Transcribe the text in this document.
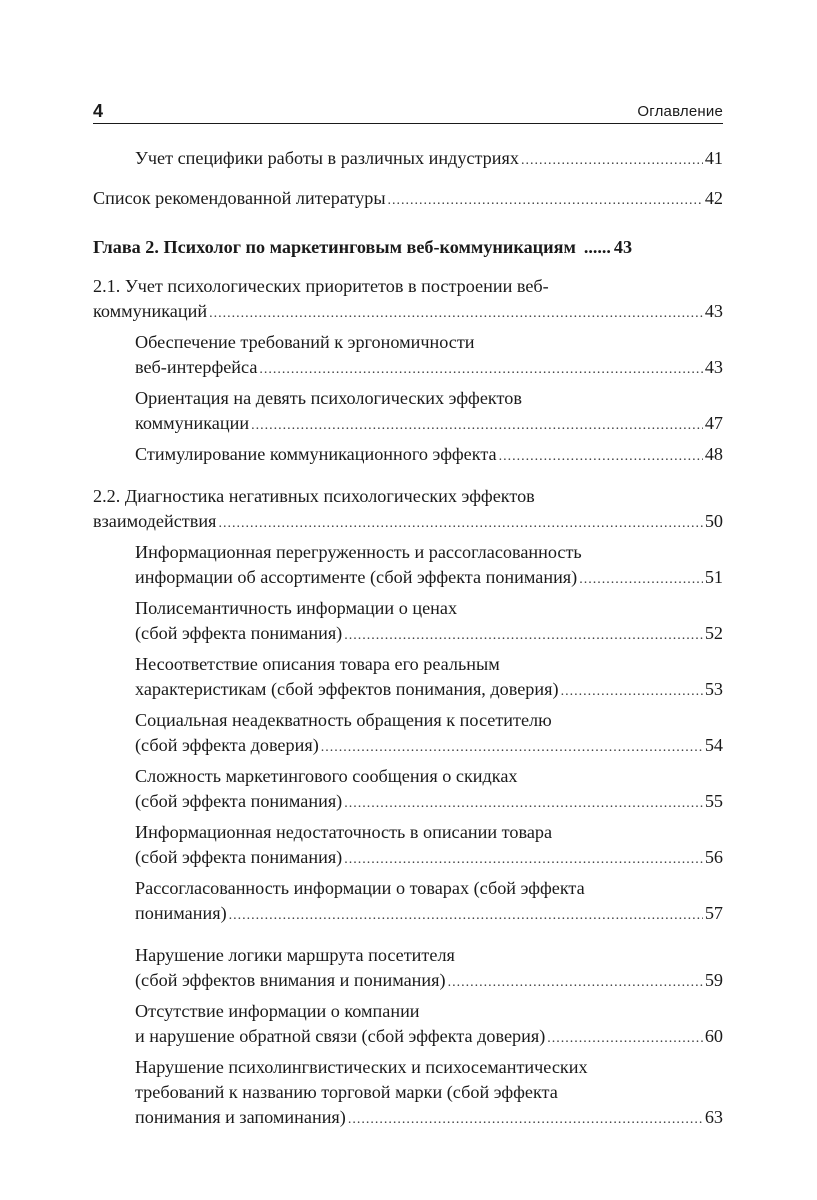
4	Оглавление
Учет специфики работы в различных индустриях .....	41
Список рекомендованной литературы .....	42
Глава 2. Психолог по маркетинговым веб-коммуникациям ...... 43
2.1. Учет психологических приоритетов в построении веб-
коммуникаций .....	43
Обеспечение требований к эргономичности
веб-интерфейса .....	43
Ориентация на девять психологических эффектов
коммуникации .....	47
Стимулирование коммуникационного эффекта .....	48
2.2. Диагностика негативных психологических эффектов
взаимодействия .....	50
Информационная перегруженность и рассогласованность
информации об ассортименте (сбой эффекта понимания) .....	51
Полисемантичность информации о ценах
(сбой эффекта понимания) .....	52
Несоответствие описания товара его реальным
характеристикам (сбой эффектов понимания, доверия) .....	53
Социальная неадекватность обращения к посетителю
(сбой эффекта доверия) .....	54
Сложность маркетингового сообщения о скидках
(сбой эффекта понимания) .....	55
Информационная недостаточность в описании товара
(сбой эффекта понимания) .....	56
Рассогласованность информации о товарах (сбой эффекта
понимания) .....	57
Нарушение логики маршрута посетителя
(сбой эффектов внимания и понимания) .....	59
Отсутствие информации о компании
и нарушение обратной связи (сбой эффекта доверия) .....	60
Нарушение психолингвистических и психосемантических
требований к названию торговой марки (сбой эффекта
понимания и запоминания) .....	63
